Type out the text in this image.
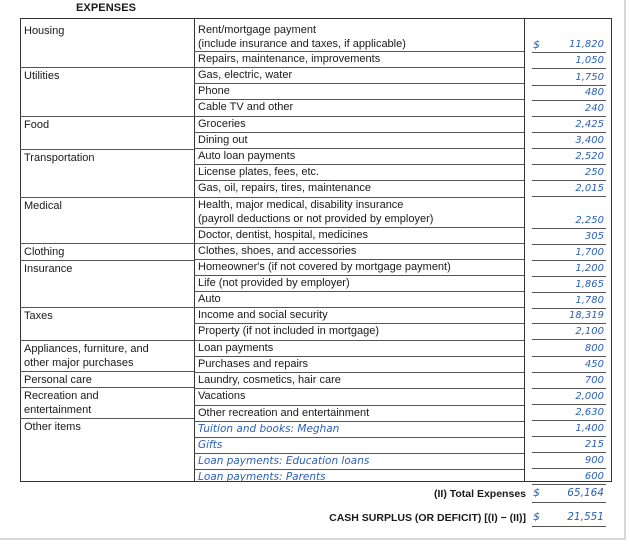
EXPENSES
Housing
Utilities
Food
Transportation
Medical
Clothing
Insurance
Taxes
Appliances, furniture, and
other major purchases
Personal care
Recreation and
entertainment
Other items
Rent/mortgage payment
(include insurance and taxes, if applicable)
Repairs, maintenance, improvements
Gas, electric, water
Phone
Cable TV and other
Groceries
Dining out
Auto loan payments
License plates, fees, etc.
Gas, oil, repairs, tires, maintenance
Health, major medical, disability insurance
(payroll deductions or not provided by employer)
Doctor, dentist, hospital, medicines
Clothes, shoes, and accessories
Homeowner's (if not covered by mortgage payment)
Life (not provided by employer)
Auto
Income and social security
Property (if not included in mortgage)
Loan payments
Purchases and repairs
Laundry, cosmetics, hair care
Vacations
Other recreation and entertainment
Tuition and books: Meghan
Gifts
Loan payments: Education loans
Loan payments: Parents
11,820
1,050
1,750
480
240
2,425
3,400
2,520
250
2,015
2,250
305
1,700
1,200
1,865
1,780
18,319
2,100
800
450
700
2,000
2,630
1,400
215
900
600
$
(II) Total Expenses $	65,164
CASH SURPLUS (OR DEFICIT) [(I) − (II)] $	21,551
